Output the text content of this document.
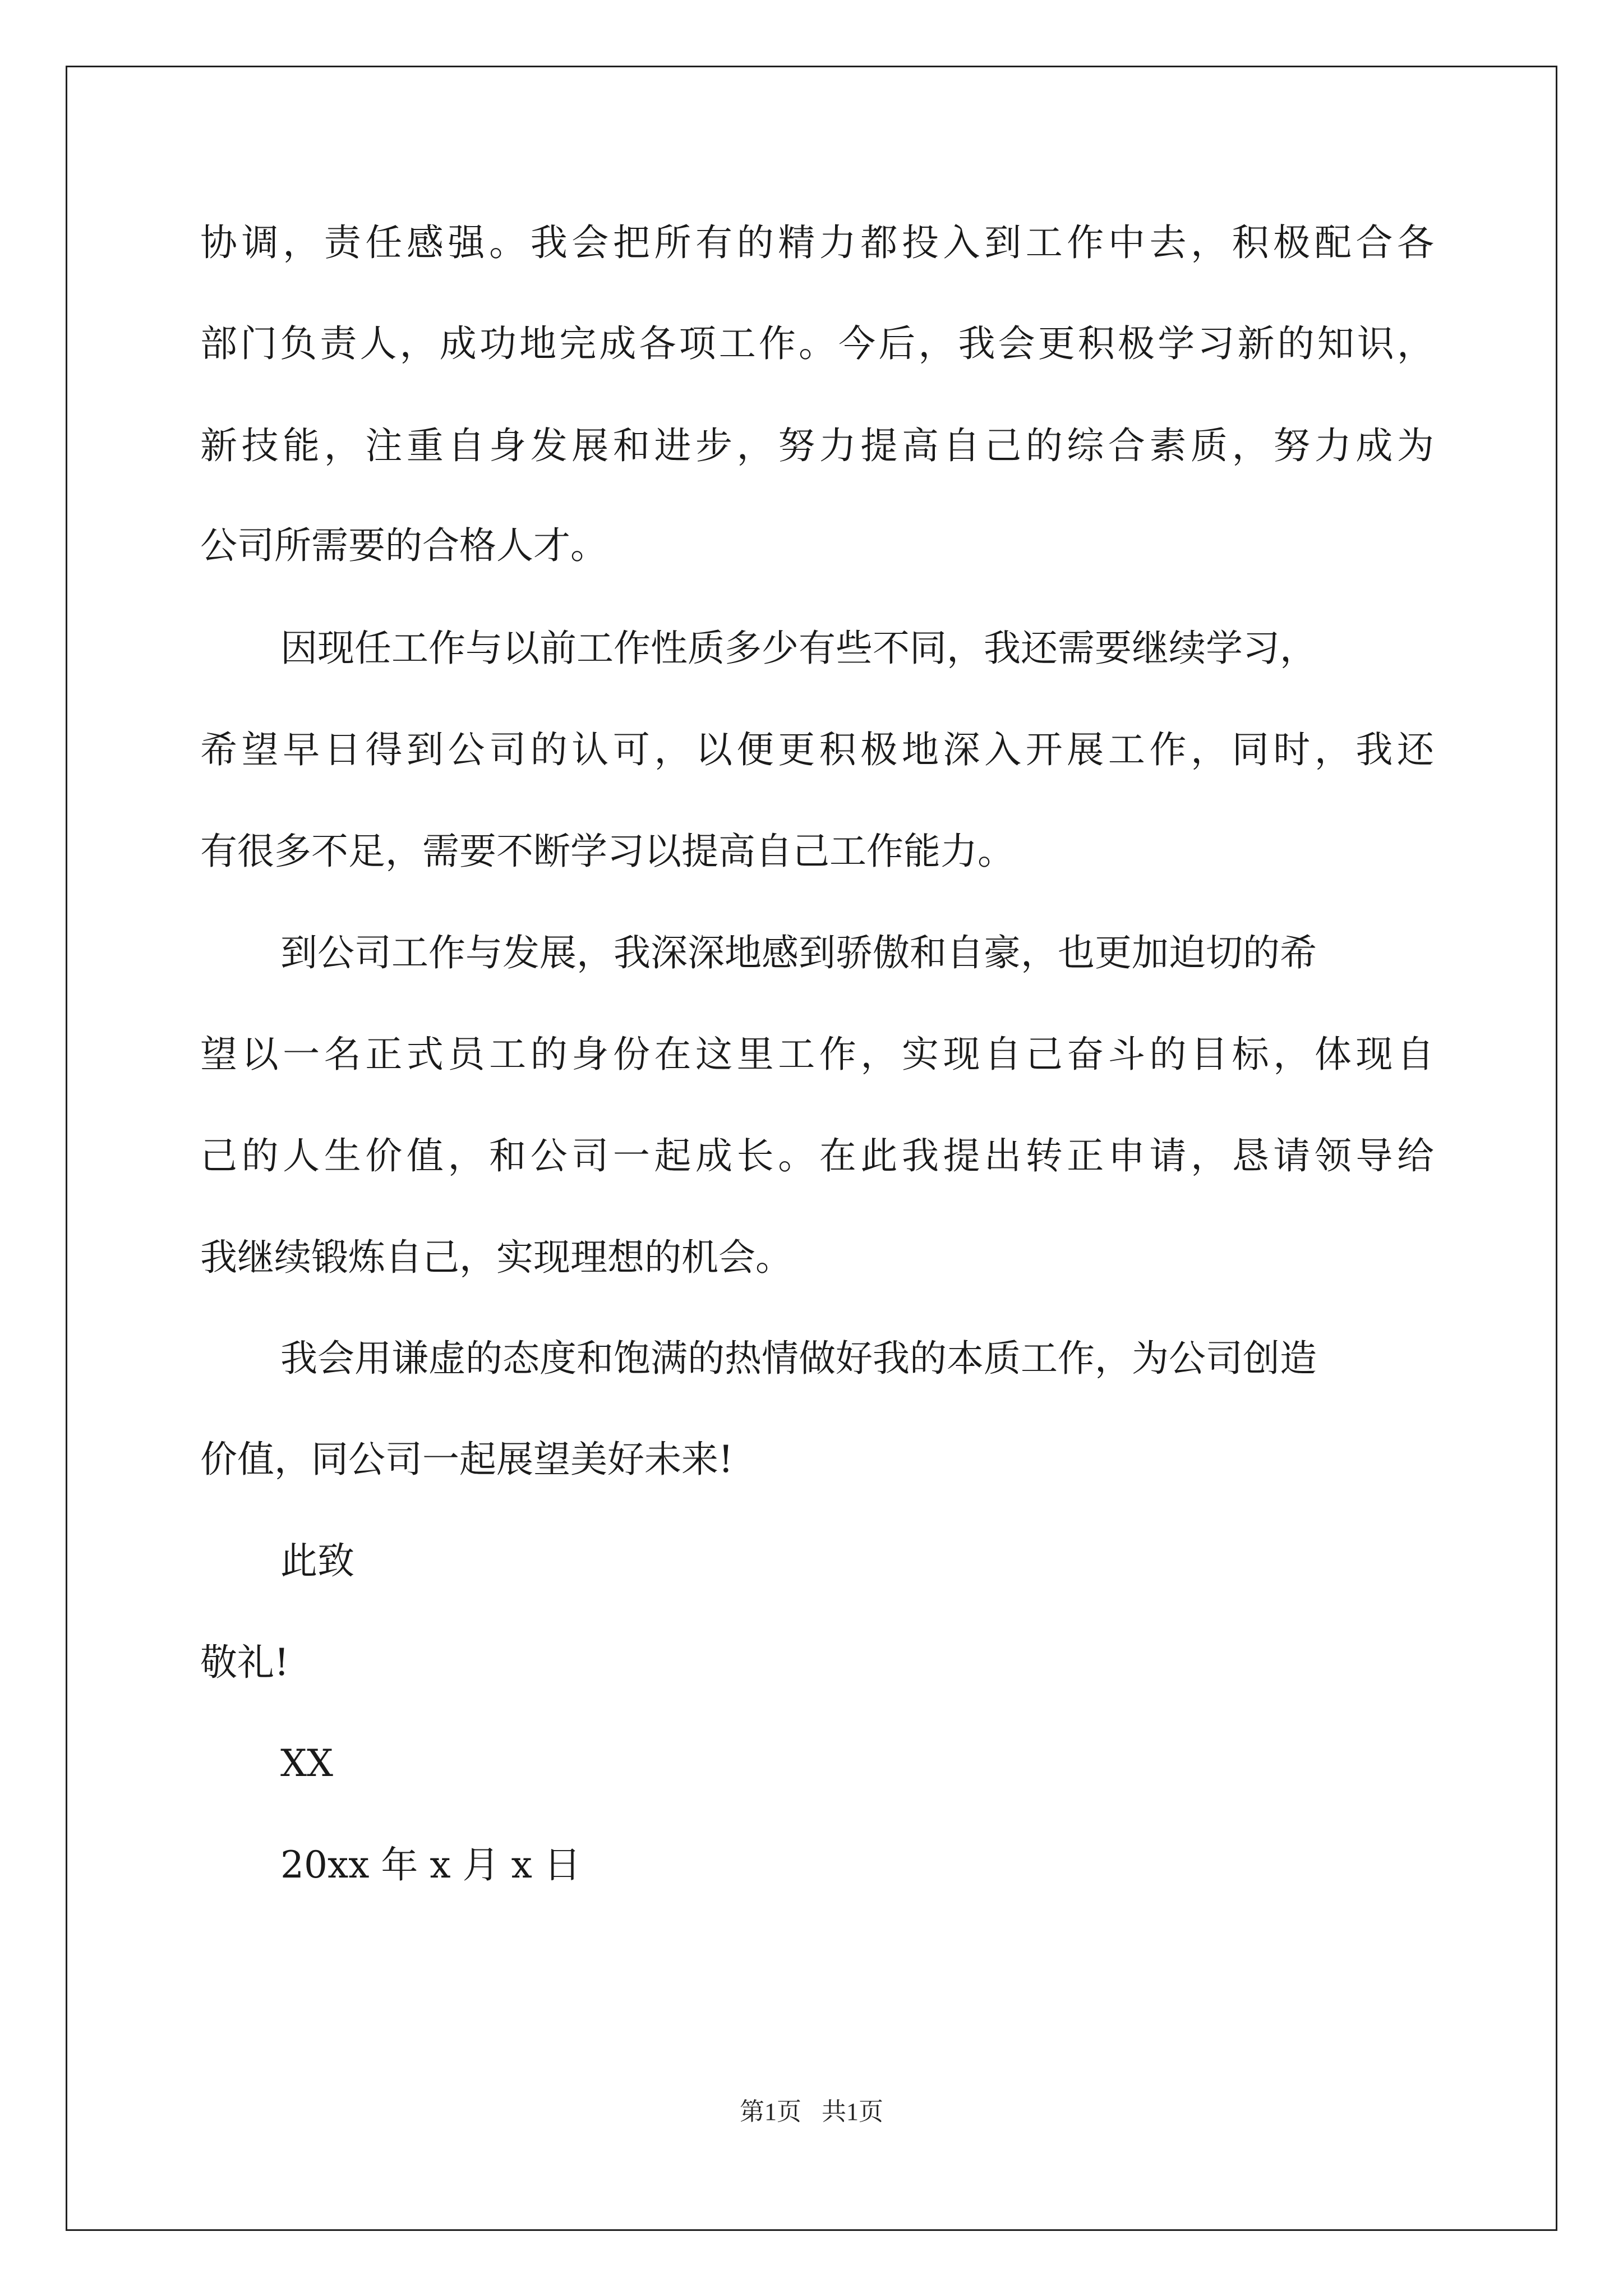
协调，责任感强。我会把所有的精力都投入到工作中去，积极配合各
部门负责人，成功地完成各项工作。今后，我会更积极学习新的知识，
新技能，注重自身发展和进步，努力提高自己的综合素质，努力成为
公司所需要的合格人才。
因现任工作与以前工作性质多少有些不同，我还需要继续学习，
希望早日得到公司的认可，以便更积极地深入开展工作，同时，我还
有很多不足，需要不断学习以提高自己工作能力。
到公司工作与发展，我深深地感到骄傲和自豪，也更加迫切的希
望以一名正式员工的身份在这里工作，实现自己奋斗的目标，体现自
己的人生价值，和公司一起成长。在此我提出转正申请，恳请领导给
我继续锻炼自己，实现理想的机会。
我会用谦虚的态度和饱满的热情做好我的本质工作，为公司创造
价值，同公司一起展望美好未来!
此致
敬礼!
XX
20xx 年 x 月 x 日
第1页 共1页
